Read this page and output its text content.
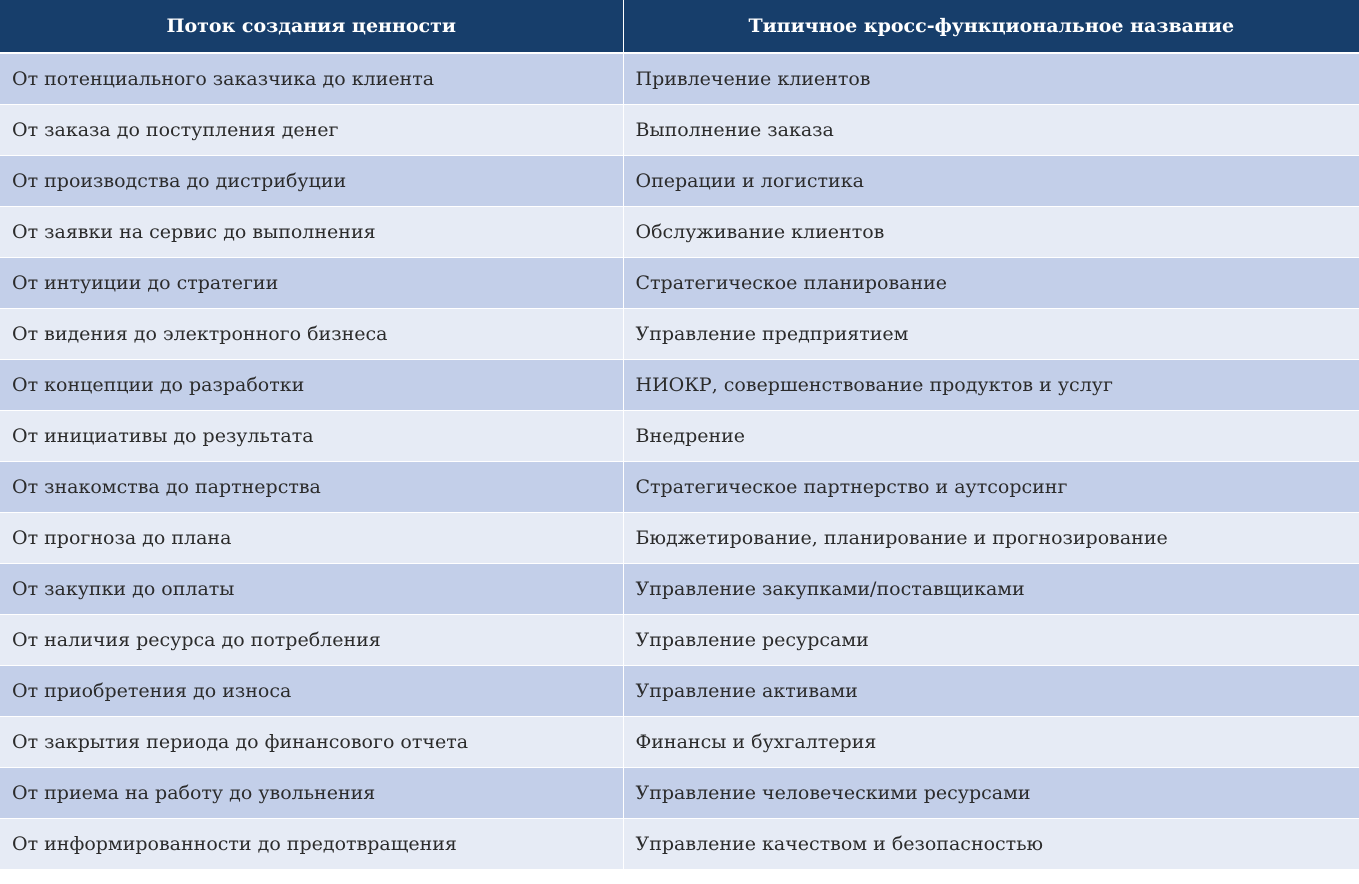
Поток создания ценности	Типичное кросс-функциональное название
От потенциального заказчика до клиента	Привлечение клиентов
От заказа до поступления денег	Выполнение заказа
От производства до дистрибуции	Операции и логистика
От заявки на сервис до выполнения	Обслуживание клиентов
От интуиции до стратегии	Стратегическое планирование
От видения до электронного бизнеса	Управление предприятием
От концепции до разработки	НИОКР, совершенствование продуктов и услуг
От инициативы до результата	Внедрение
От знакомства до партнерства	Стратегическое партнерство и аутсорсинг
От прогноза до плана	Бюджетирование, планирование и прогнозирование
От закупки до оплаты	Управление закупками/поставщиками
От наличия ресурса до потребления	Управление ресурсами
От приобретения до износа	Управление активами
От закрытия периода до финансового отчета	Финансы и бухгалтерия
От приема на работу до увольнения	Управление человеческими ресурсами
От информированности до предотвращения	Управление качеством и безопасностью
